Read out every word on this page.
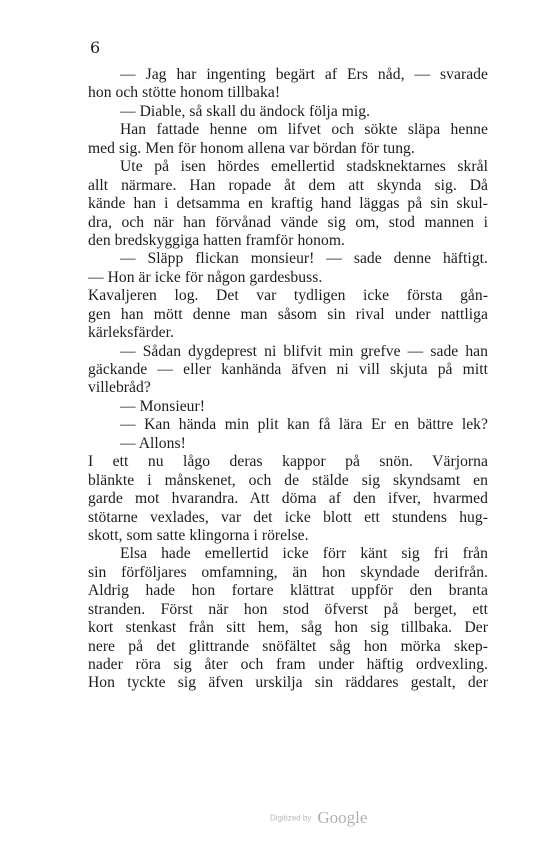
6
— Jag har ingenting begärt af Ers nåd, — svarade
hon och stötte honom tillbaka!
— Diable, så skall du ändock följa mig.
Han fattade henne om lifvet och sökte släpa henne
med sig. Men för honom allena var bördan för tung.
Ute på isen hördes emellertid stadsknektarnes skrål
allt närmare. Han ropade åt dem att skynda sig. Då
kände han i detsamma en kraftig hand läggas på sin skul-
dra, och när han förvånad vände sig om, stod mannen i
den bredskyggiga hatten framför honom.
— Släpp flickan monsieur! — sade denne häftigt.
— Hon är icke för någon gardesbuss.
Kavaljeren log. Det var tydligen icke första gån-
gen han mött denne man såsom sin rival under nattliga
kärleksfärder.
— Sådan dygdeprest ni blifvit min grefve — sade han
gäckande — eller kanhända äfven ni vill skjuta på mitt
villebråd?
— Monsieur!
— Kan hända min plit kan få lära Er en bättre lek?
— Allons!
I ett nu lågo deras kappor på snön. Värjorna
blänkte i månskenet, och de stälde sig skyndsamt en
garde mot hvarandra. Att döma af den ifver, hvarmed
stötarne vexlades, var det icke blott ett stundens hug-
skott, som satte klingorna i rörelse.
Elsa hade emellertid icke förr känt sig fri från
sin förföljares omfamning, än hon skyndade derifrån.
Aldrig hade hon fortare klättrat uppför den branta
stranden. Först när hon stod öfverst på berget, ett
kort stenkast från sitt hem, såg hon sig tillbaka. Der
nere på det glittrande snöfältet såg hon mörka skep-
nader röra sig åter och fram under häftig ordvexling.
Hon tyckte sig äfven urskilja sin räddares gestalt, der
Digitized by Google
